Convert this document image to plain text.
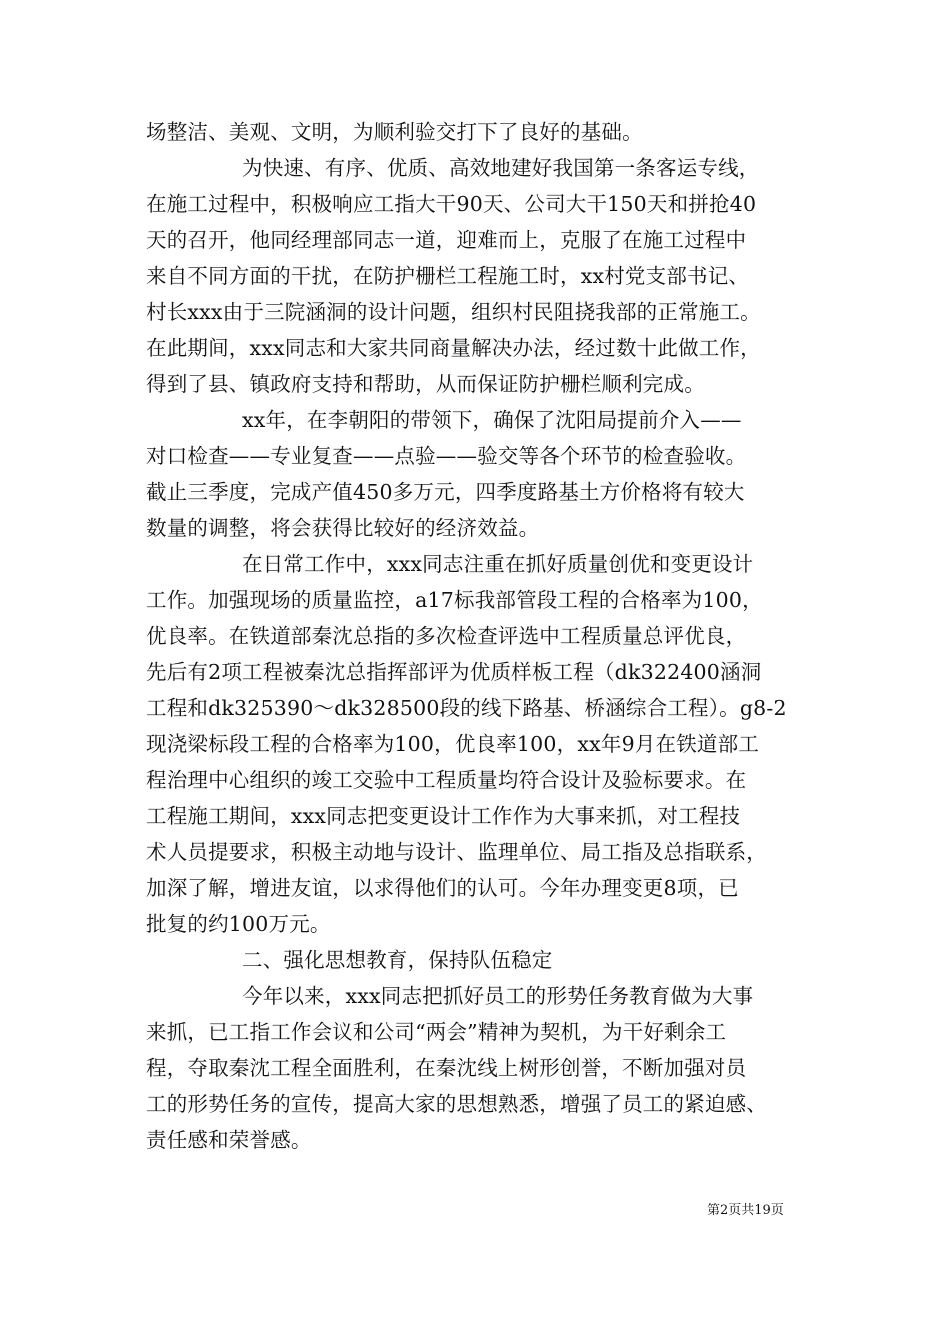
场整洁、美观、文明，为顺利验交打下了良好的基础。
为快速、有序、优质、高效地建好我国第一条客运专线，
在施工过程中，积极响应工指大干90天、公司大干150天和拼抢40
天的召开，他同经理部同志一道，迎难而上，克服了在施工过程中
来自不同方面的干扰，在防护栅栏工程施工时，xx村党支部书记、
村长xxx由于三院涵洞的设计问题，组织村民阻挠我部的正常施工。
在此期间，xxx同志和大家共同商量解决办法，经过数十此做工作，
得到了县、镇政府支持和帮助，从而保证防护栅栏顺利完成。
xx年，在李朝阳的带领下，确保了沈阳局提前介入——
对口检查——专业复查——点验——验交等各个环节的检查验收。
截止三季度，完成产值450多万元，四季度路基土方价格将有较大
数量的调整，将会获得比较好的经济效益。
在日常工作中，xxx同志注重在抓好质量创优和变更设计
工作。加强现场的质量监控，a17标我部管段工程的合格率为100，
优良率。在铁道部秦沈总指的多次检查评选中工程质量总评优良，
先后有2项工程被秦沈总指挥部评为优质样板工程（dk322400涵洞
工程和dk325390～dk328500段的线下路基、桥涵综合工程）。g8-2
现浇梁标段工程的合格率为100，优良率100，xx年9月在铁道部工
程治理中心组织的竣工交验中工程质量均符合设计及验标要求。在
工程施工期间，xxx同志把变更设计工作作为大事来抓，对工程技
术人员提要求，积极主动地与设计、监理单位、局工指及总指联系，
加深了解，增进友谊，以求得他们的认可。今年办理变更8项，已
批复的约100万元。
二、强化思想教育，保持队伍稳定
今年以来，xxx同志把抓好员工的形势任务教育做为大事
来抓，已工指工作会议和公司“两会”精神为契机，为干好剩余工
程，夺取秦沈工程全面胜利，在秦沈线上树形创誉，不断加强对员
工的形势任务的宣传，提高大家的思想熟悉，增强了员工的紧迫感、
责任感和荣誉感。
第2页共19页
